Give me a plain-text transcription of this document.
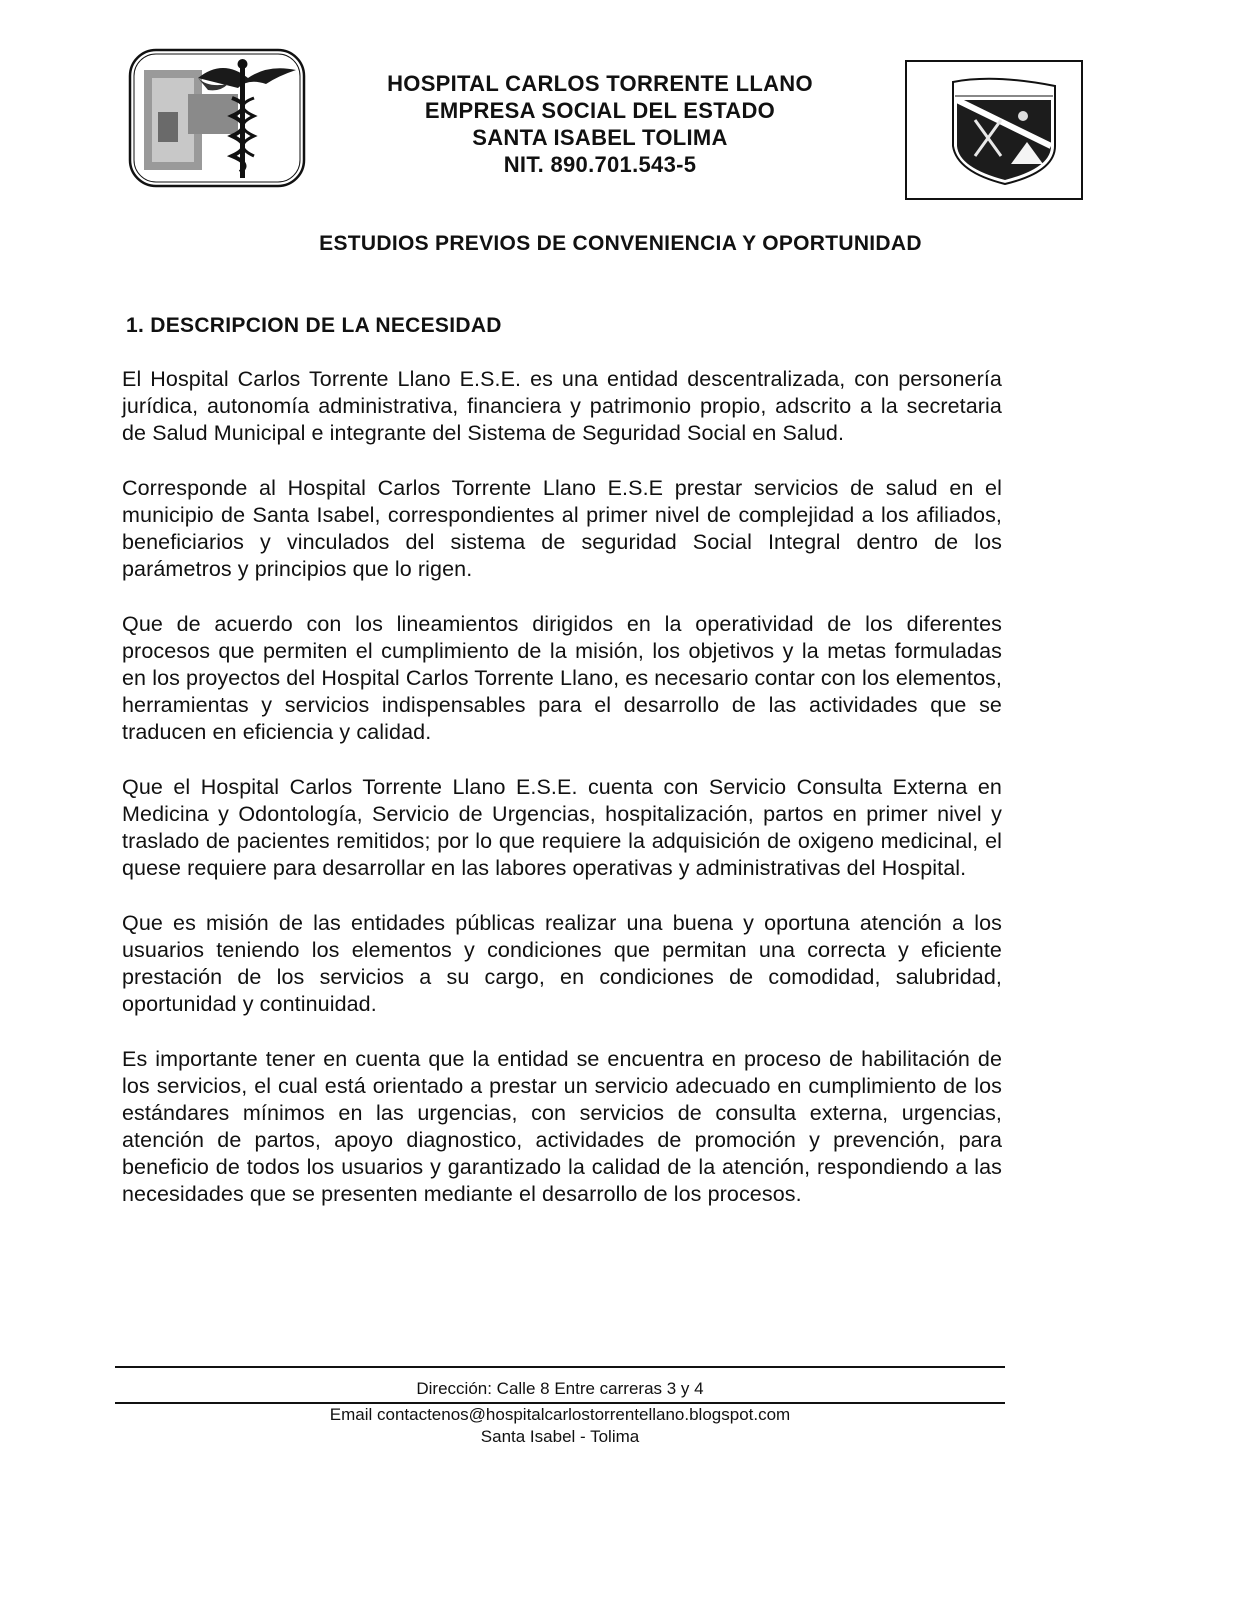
HOSPITAL CARLOS TORRENTE LLANO
EMPRESA SOCIAL DEL ESTADO
SANTA ISABEL TOLIMA
NIT. 890.701.543-5
ESTUDIOS PREVIOS DE CONVENIENCIA Y OPORTUNIDAD
1. DESCRIPCION DE LA NECESIDAD

El Hospital Carlos Torrente Llano E.S.E. es una entidad descentralizada, con personería jurídica, autonomía administrativa, financiera y patrimonio propio, adscrito a la secretaria de Salud Municipal e integrante del Sistema de Seguridad Social en Salud.

Corresponde al Hospital Carlos Torrente Llano E.S.E prestar servicios de salud en el municipio de Santa Isabel, correspondientes al primer nivel de complejidad a los afiliados, beneficiarios y vinculados del sistema de seguridad Social Integral dentro de los parámetros y principios que lo rigen.

Que de acuerdo con los lineamientos dirigidos en la operatividad de los diferentes procesos que permiten el cumplimiento de la misión, los objetivos y la metas formuladas en los proyectos del Hospital Carlos Torrente Llano, es necesario contar con los elementos, herramientas y servicios indispensables para el desarrollo de las actividades que se traducen en eficiencia y calidad.

Que el Hospital Carlos Torrente Llano E.S.E. cuenta con Servicio Consulta Externa en Medicina y Odontología, Servicio de Urgencias, hospitalización, partos en primer nivel y traslado de pacientes remitidos; por lo que requiere la adquisición de oxigeno medicinal, el quese requiere para desarrollar en las labores operativas y administrativas del Hospital.

Que es misión de las entidades públicas realizar una buena y oportuna atención a los usuarios teniendo los elementos y condiciones que permitan una correcta y eficiente prestación de los servicios a su cargo, en condiciones de comodidad, salubridad, oportunidad y continuidad.

Es importante tener en cuenta que la entidad se encuentra en proceso de habilitación de los servicios, el cual está orientado a prestar un servicio adecuado en cumplimiento de los estándares mínimos en las urgencias, con servicios de consulta externa, urgencias, atención de partos, apoyo diagnostico, actividades de promoción y prevención, para beneficio de todos los usuarios y garantizado la calidad de la atención, respondiendo a las necesidades que se presenten mediante el desarrollo de los procesos.

Dirección: Calle 8 Entre carreras 3 y 4
Email contactenos@hospitalcarlostorrentellano.blogspot.com
Santa Isabel - Tolima
